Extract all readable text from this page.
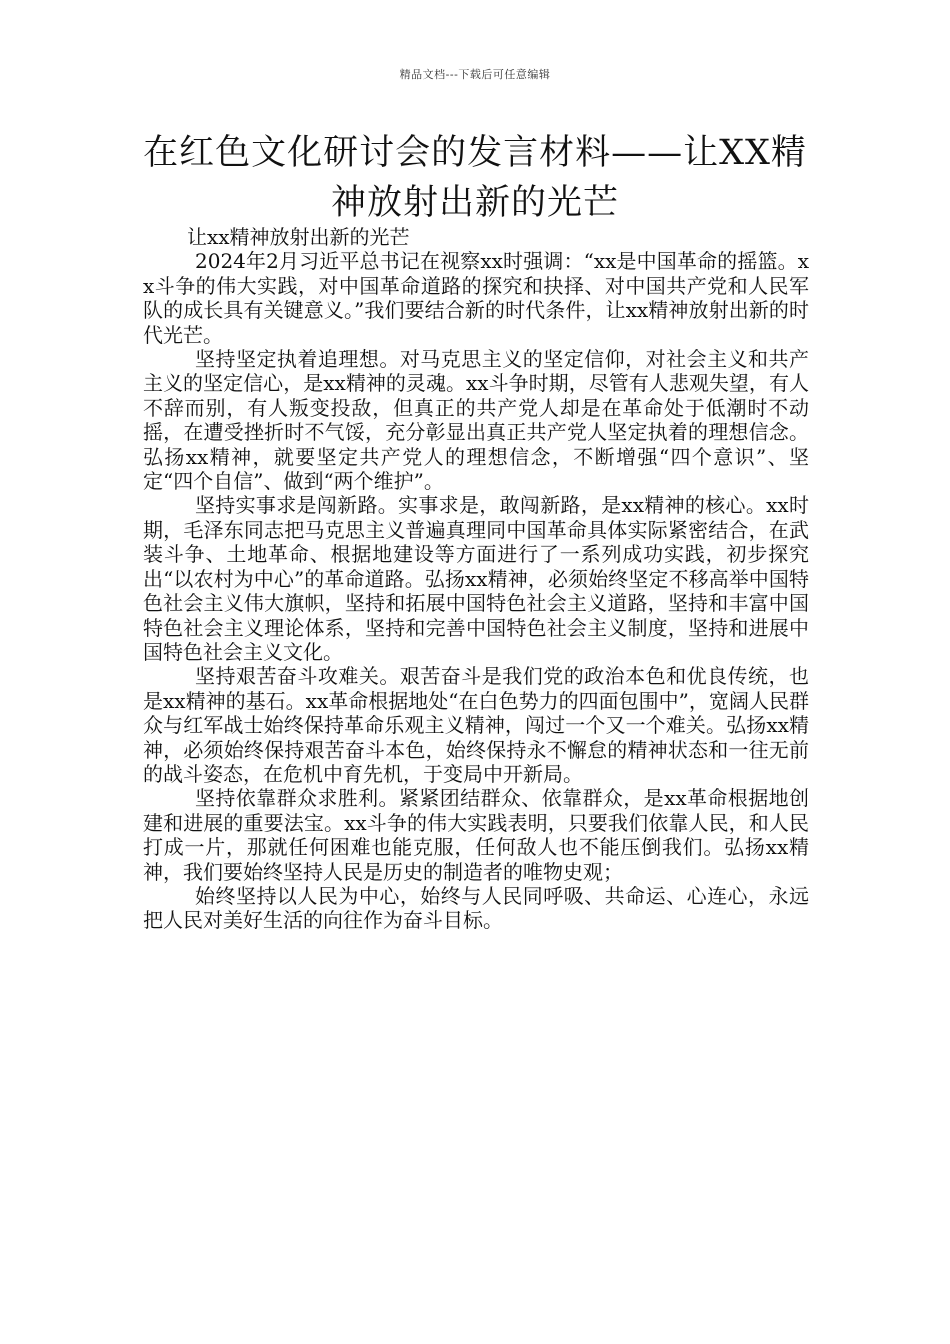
精品文档---下载后可任意编辑
在红色文化研讨会的发言材料——让XX精神放射出新的光芒

让xx精神放射出新的光芒

2024年2月习近平总书记在视察xx时强调：“xx是中国革命的摇篮。xx斗争的伟大实践，对中国革命道路的探究和抉择、对中国共产党和人民军队的成长具有关键意义。”我们要结合新的时代条件，让xx精神放射出新的时代光芒。

坚持坚定执着追理想。对马克思主义的坚定信仰，对社会主义和共产主义的坚定信心，是xx精神的灵魂。xx斗争时期，尽管有人悲观失望，有人不辞而别，有人叛变投敌，但真正的共产党人却是在革命处于低潮时不动摇，在遭受挫折时不气馁，充分彰显出真正共产党人坚定执着的理想信念。弘扬xx精神，就要坚定共产党人的理想信念，不断增强“四个意识”、坚定“四个自信”、做到“两个维护”。

坚持实事求是闯新路。实事求是，敢闯新路，是xx精神的核心。xx时期，毛泽东同志把马克思主义普遍真理同中国革命具体实际紧密结合，在武装斗争、土地革命、根据地建设等方面进行了一系列成功实践，初步探究出“以农村为中心”的革命道路。弘扬xx精神，必须始终坚定不移高举中国特色社会主义伟大旗帜，坚持和拓展中国特色社会主义道路，坚持和丰富中国特色社会主义理论体系，坚持和完善中国特色社会主义制度，坚持和进展中国特色社会主义文化。

坚持艰苦奋斗攻难关。艰苦奋斗是我们党的政治本色和优良传统，也是xx精神的基石。xx革命根据地处“在白色势力的四面包围中”，宽阔人民群众与红军战士始终保持革命乐观主义精神，闯过一个又一个难关。弘扬xx精神，必须始终保持艰苦奋斗本色，始终保持永不懈怠的精神状态和一往无前的战斗姿态，在危机中育先机，于变局中开新局。

坚持依靠群众求胜利。紧紧团结群众、依靠群众，是xx革命根据地创建和进展的重要法宝。xx斗争的伟大实践表明，只要我们依靠人民，和人民打成一片，那就任何困难也能克服，任何敌人也不能压倒我们。弘扬xx精神，我们要始终坚持人民是历史的制造者的唯物史观；

始终坚持以人民为中心，始终与人民同呼吸、共命运、心连心，永远把人民对美好生活的向往作为奋斗目标。
